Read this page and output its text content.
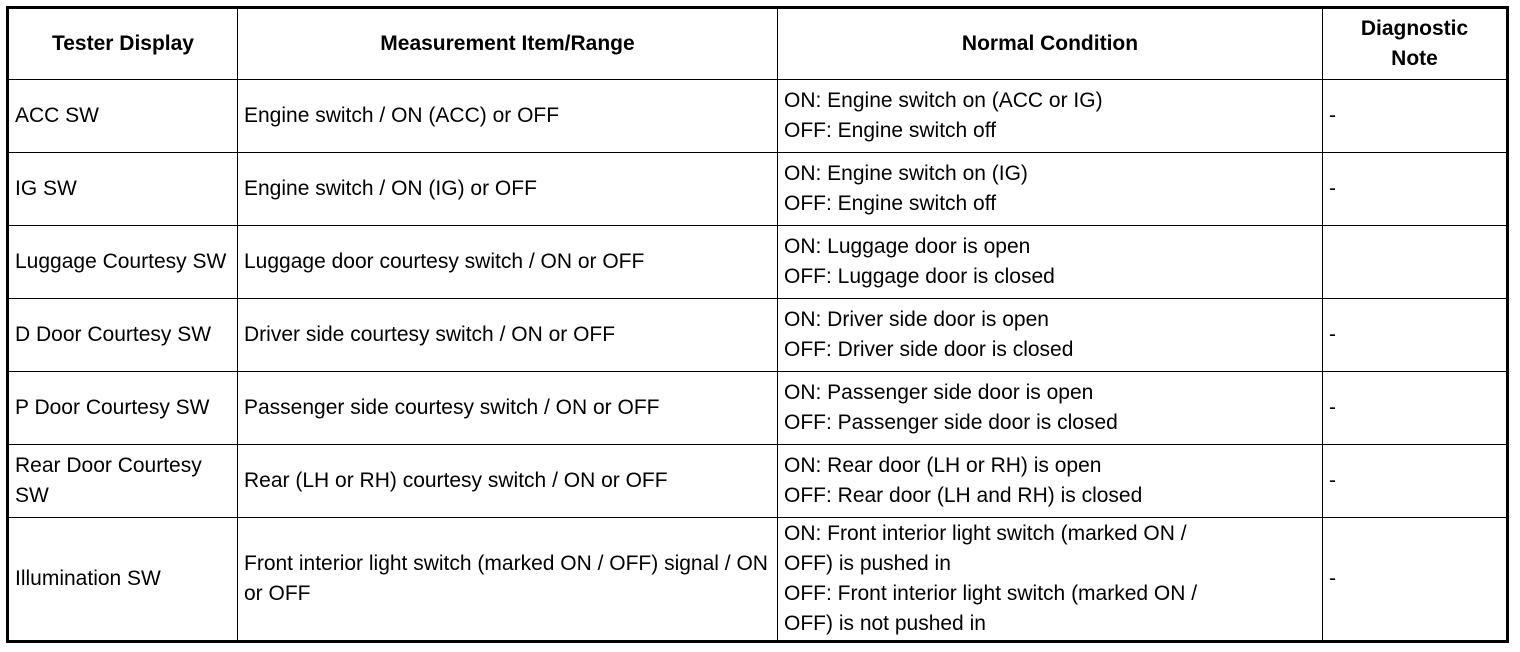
Tester Display	Measurement Item/Range	Normal Condition	Diagnostic
Note

ACC SW	Engine switch / ON (ACC) or OFF	ON: Engine switch on (ACC or IG)
OFF: Engine switch off	-
IG SW	Engine switch / ON (IG) or OFF	ON: Engine switch on (IG)
OFF: Engine switch off	-
Luggage Courtesy SW	Luggage door courtesy switch / ON or OFF	ON: Luggage door is open
OFF: Luggage door is closed	

D Door Courtesy SW	Driver side courtesy switch / ON or OFF	ON: Driver side door is open
OFF: Driver side door is closed	-
P Door Courtesy SW	Passenger side courtesy switch / ON or OFF	ON: Passenger side door is open
OFF: Passenger side door is closed	-
Rear Door Courtesy SW	Rear (LH or RH) courtesy switch / ON or OFF	ON: Rear door (LH or RH) is open
OFF: Rear door (LH and RH) is closed	-
Illumination SW	Front interior light switch (marked ON / OFF) signal / ON or OFF	ON: Front interior light switch (marked ON /
OFF) is pushed in
OFF: Front interior light switch (marked ON /
OFF) is not pushed in	-
